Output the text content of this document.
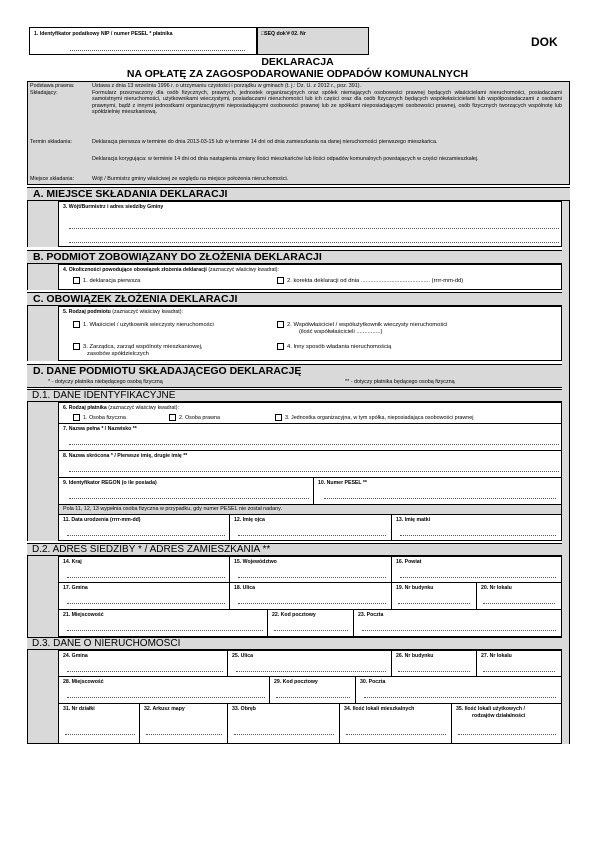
1. Identyfikator podatkowy NIP / numer PESEL * płatnika	□SEQ dok'# 02. Nr
DOK
DEKLARACJA
NA OPŁATĘ ZA ZAGOSPODAROWANIE ODPADÓW KOMUNALNYCH
Podstawa prawna:	Ustawa z dnia 13 września 1996 r. o utrzymaniu czystości i porządku w gminach (t. j.: Dz. U. z 2012 r., poz. 391).
Składający:	Formularz przeznaczony dla osób fizycznych, prawnych, jednostek organizacyjnych oraz spółek niemających osobowości prawnej będących właścicielami nieruchomości, posiadaczami samoistnymi nieruchomości, użytkownikami wieczystymi, posiadaczami nieruchomości lub ich części oraz dla osób fizycznych będących współwłaścicielami lub współposiadaczami z osobami prawnymi, bądź z innymi jednostkami organizacyjnymi nieposiadającymi osobowości prawnej lub ze spółkami nieposiadającymi osobowości prawnej, osób fizycznych tworzących wspólnotę lub spółdzielnię mieszkaniową.
Termin składania:	Deklaracja pierwsza w terminie do dnia 2013-03-15 lub w terminie 14 dni od dnia zamieszkania na danej nieruchomości pierwszego mieszkańca.
Deklaracja korygująca: w terminie 14 dni od dnia nastąpienia zmiany ilości mieszkańców lub ilości odpadów komunalnych powstających w części niezamieszkałej.
Miejsce składania:	Wójt / Burmistrz gminy właściwej ze względu na miejsce położenia nieruchomości.
A. MIEJSCE SKŁADANIA DEKLARACJI
3. Wójt/Burmistrz i adres siedziby Gminy
B. PODMIOT ZOBOWIĄZANY DO ZŁOŻENIA DEKLARACJI
4. Okoliczności powodujące obowiązek złożenia deklaracji (zaznaczyć właściwy kwadrat):
1. deklaracja pierwsza	2. korekta deklaracji od dnia ........................................... (rrrr-mm-dd)
C. OBOWIĄZEK ZŁOŻENIA DEKLARACJI
5. Rodzaj podmiotu (zaznaczyć właściwy kwadrat):
1. Właściciel / użytkownik wieczysty nieruchomości	2. Współwłaściciel / współużytkownik wieczysty nieruchomości
(ilość współwłaścicieli ...............)
3. Zarządca, zarząd wspólnoty mieszkaniowej,
zasobów spółdzielczych
4. Inny sposób władania nieruchomością
D. DANE PODMIOTU SKŁADAJĄCEGO DEKLARACJĘ
* - dotyczy płatnika niebędącego osobą fizyczną	** - dotyczy płatnika będącego osobą fizyczną
D.1. DANE IDENTYFIKACYJNE
6. Rodzaj płatnika (zaznaczyć właściwy kwadrat):
1. Osoba fizyczna	2. Osoba prawna	3. Jednostka organizacyjna, w tym spółka, nieposiadająca osobowości prawnej
7. Nazwa pełna * / Nazwisko **
8. Nazwa skrócona * / Pierwsze imię, drugie imię **
9. Identyfikator REGON (o ile posiada)	10. Numer PESEL **
Pola 11, 12, 13 wypełnia osoba fizyczna w przypadku, gdy numer PESEL nie został nadany.
11. Data urodzenia (rrrr-mm-dd)	12. Imię ojca	13. Imię matki
D.2. ADRES SIEDZIBY * / ADRES ZAMIESZKANIA **
14. Kraj	15. Województwo	16. Powiat
17. Gmina	18. Ulica	19. Nr budynku	20. Nr lokalu
21. Miejscowość	22. Kod pocztowy	23. Poczta
D.3. DANE O NIERUCHOMOŚCI
24. Gmina	25. Ulica	26. Nr budynku	27. Nr lokalu
28. Miejscowość	29. Kod pocztowy	30. Poczta
31. Nr działki	32. Arkusz mapy	33. Obręb	34. Ilość lokali mieszkalnych	35. Ilość lokali użytkowych /
rodzajów działalności
